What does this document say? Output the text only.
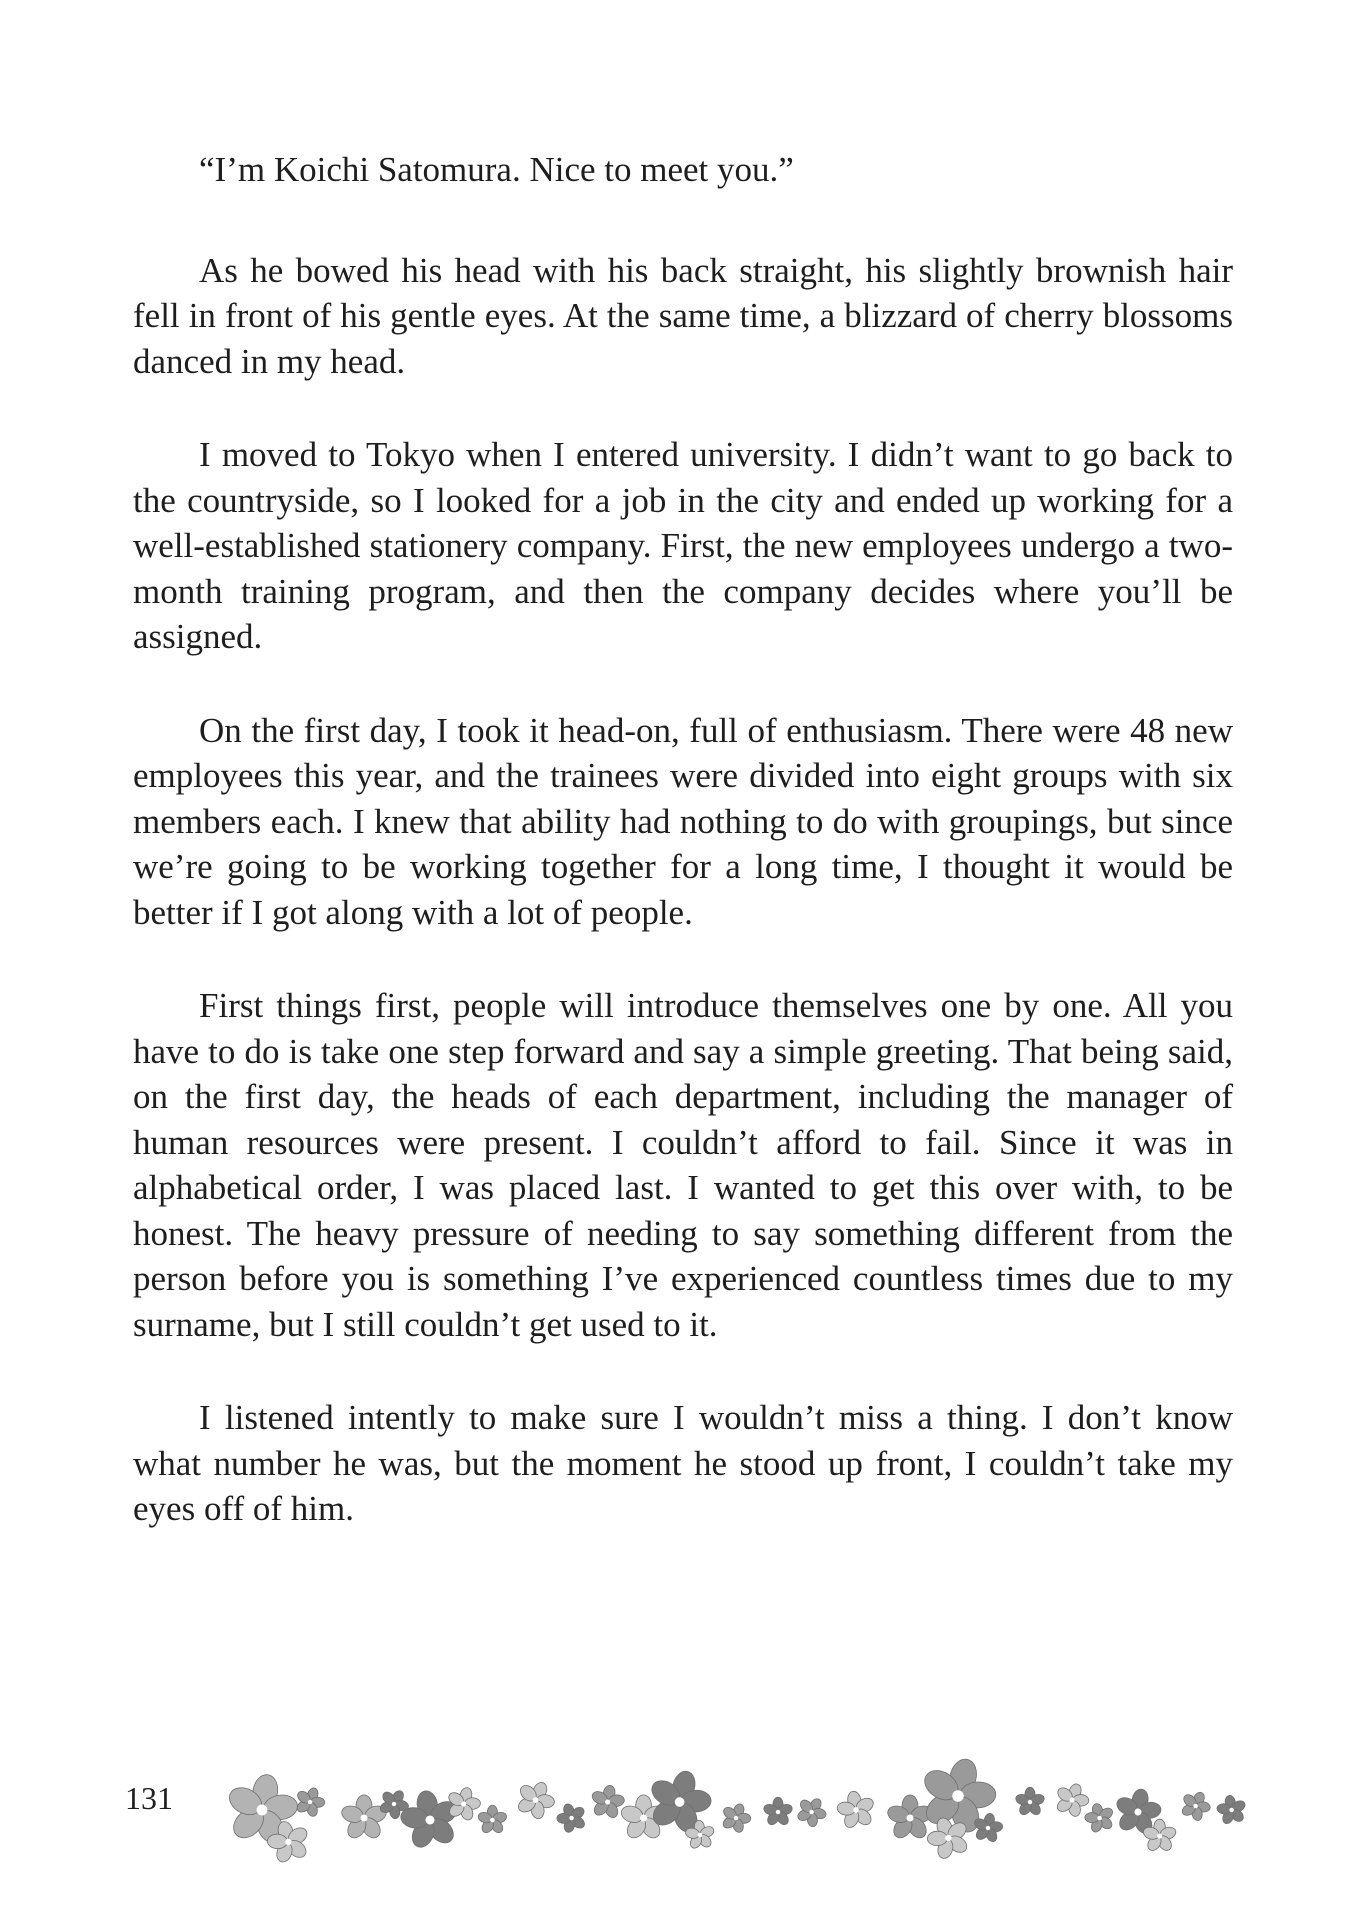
“I’m Koichi Satomura. Nice to meet you.”

As he bowed his head with his back straight, his slightly brownish hair fell in front of his gentle eyes. At the same time, a blizzard of cherry blossoms danced in my head.

I moved to Tokyo when I entered university. I didn’t want to go back to the countryside, so I looked for a job in the city and ended up working for a well-established stationery company. First, the new employees undergo a two-month training program, and then the company decides where you’ll be assigned.

On the first day, I took it head-on, full of enthusiasm. There were 48 new employees this year, and the trainees were divided into eight groups with six members each. I knew that ability had nothing to do with groupings, but since we’re going to be working together for a long time, I thought it would be better if I got along with a lot of people.

First things first, people will introduce themselves one by one. All you have to do is take one step forward and say a simple greeting. That being said, on the first day, the heads of each department, including the manager of human resources were present. I couldn’t afford to fail. Since it was in alphabetical order, I was placed last. I wanted to get this over with, to be honest. The heavy pressure of needing to say something different from the person before you is something I’ve experienced countless times due to my surname, but I still couldn’t get used to it.

I listened intently to make sure I wouldn’t miss a thing. I don’t know what number he was, but the moment he stood up front, I couldn’t take my eyes off of him.

131
